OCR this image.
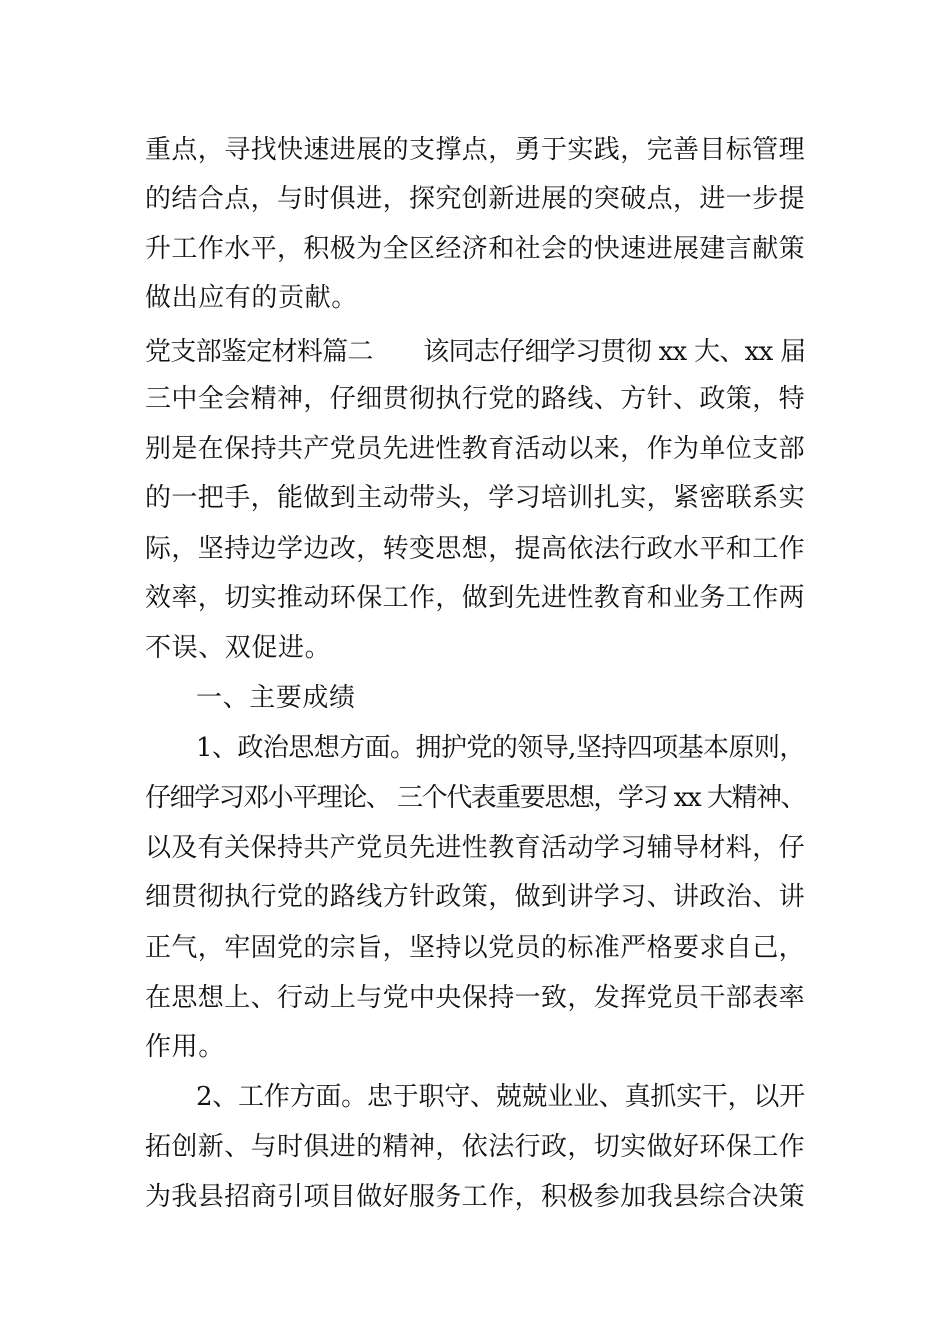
重点，寻找快速进展的支撑点，勇于实践，完善目标管理

的结合点，与时俱进，探究创新进展的突破点，进一步提

升工作水平，积极为全区经济和社会的快速进展建言献策

做出应有的贡献。

党支部鉴定材料篇二　　该同志仔细学习贯彻 xx 大、xx 届

三中全会精神，仔细贯彻执行党的路线、方针、政策，特

别是在保持共产党员先进性教育活动以来，作为单位支部

的一把手，能做到主动带头，学习培训扎实，紧密联系实

际，坚持边学边改，转变思想，提高依法行政水平和工作

效率，切实推动环保工作，做到先进性教育和业务工作两

不误、双促进。

一、主要成绩

1、政治思想方面。拥护党的领导,坚持四项基本原则，

仔细学习邓小平理论、 三个代表重要思想，学习 xx 大精神、

以及有关保持共产党员先进性教育活动学习辅导材料，仔

细贯彻执行党的路线方针政策，做到讲学习、讲政治、讲

正气，牢固党的宗旨，坚持以党员的标准严格要求自己，

在思想上、行动上与党中央保持一致，发挥党员干部表率

作用。

2、工作方面。忠于职守、兢兢业业、真抓实干，以开

拓创新、与时俱进的精神，依法行政，切实做好环保工作

为我县招商引项目做好服务工作，积极参加我县综合决策
